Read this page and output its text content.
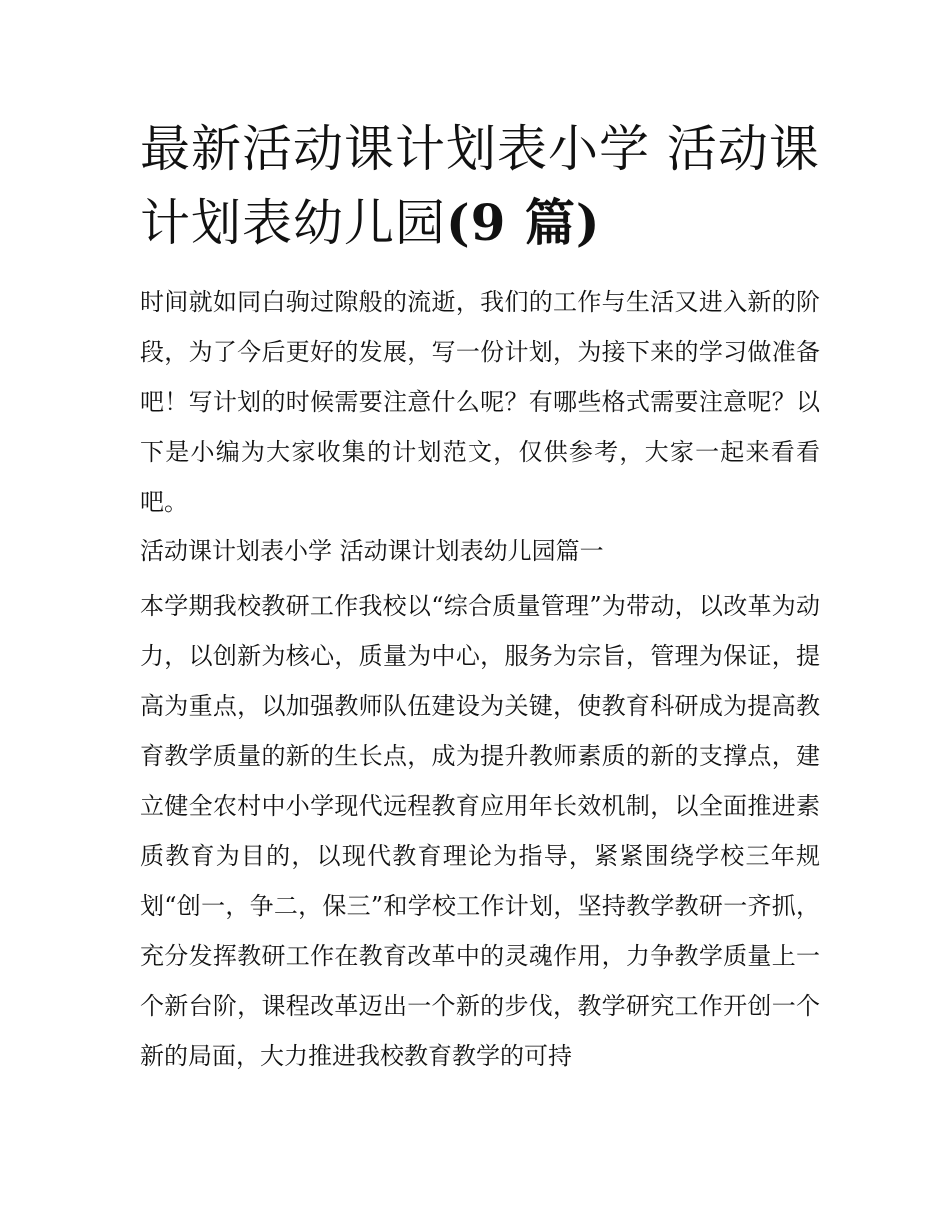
最新活动课计划表小学 活动课计划表幼儿园(9 篇)

时间就如同白驹过隙般的流逝，我们的工作与生活又进入新的阶段，为了今后更好的发展，写一份计划，为接下来的学习做准备吧！写计划的时候需要注意什么呢？有哪些格式需要注意呢？以下是小编为大家收集的计划范文，仅供参考，大家一起来看看吧。

活动课计划表小学 活动课计划表幼儿园篇一

本学期我校教研工作我校以“综合质量管理”为带动，以改革为动力，以创新为核心，质量为中心，服务为宗旨，管理为保证，提高为重点，以加强教师队伍建设为关键，使教育科研成为提高教育教学质量的新的生长点，成为提升教师素质的新的支撑点，建立健全农村中小学现代远程教育应用年长效机制，以全面推进素质教育为目的，以现代教育理论为指导，紧紧围绕学校三年规划“创一，争二，保三”和学校工作计划，坚持教学教研一齐抓，充分发挥教研工作在教育改革中的灵魂作用，力争教学质量上一个新台阶，课程改革迈出一个新的步伐，教学研究工作开创一个新的局面，大力推进我校教育教学的可持
